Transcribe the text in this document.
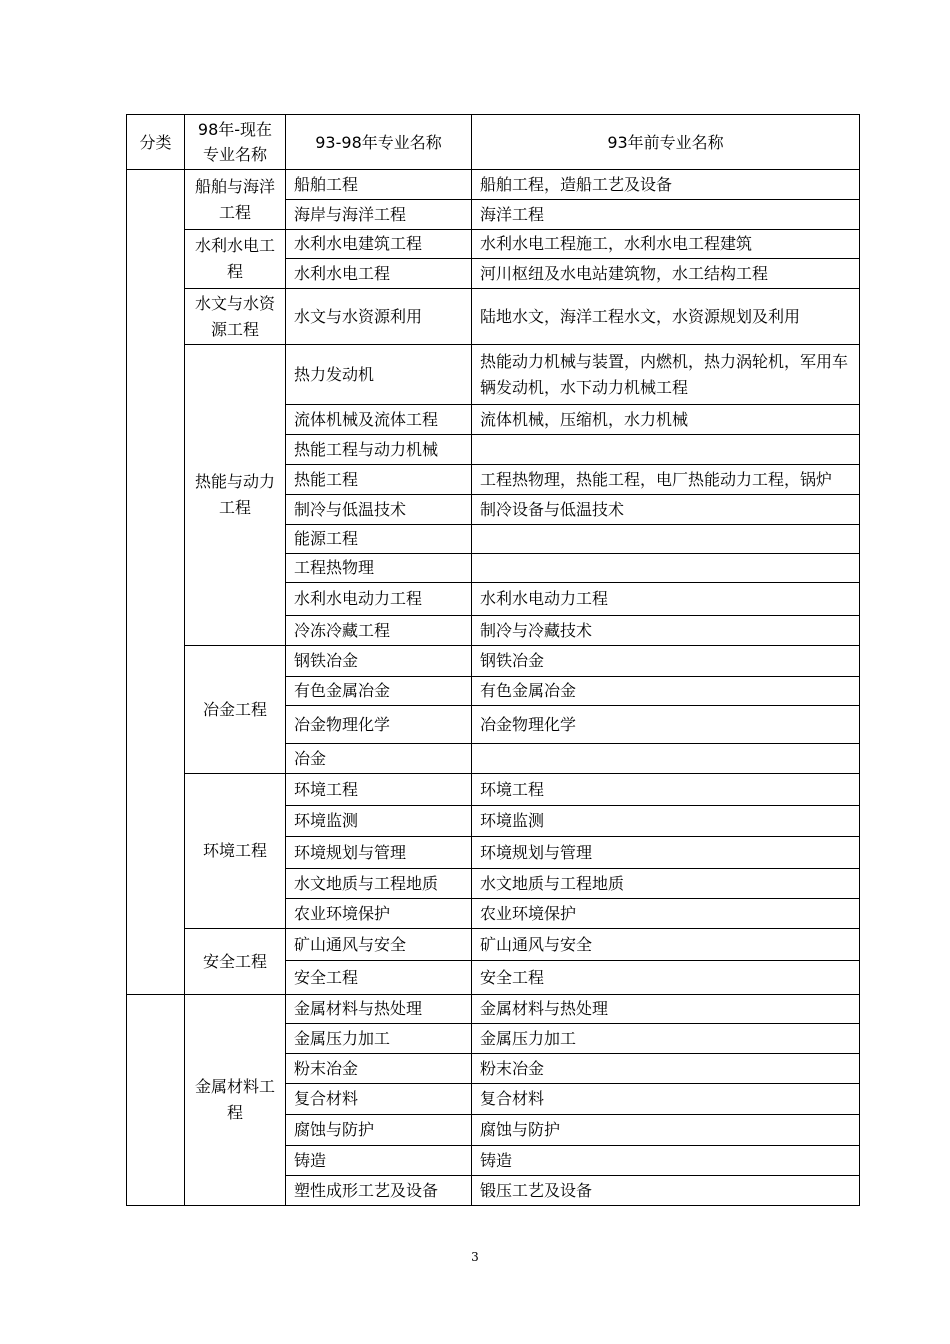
分类	98年-现在专业名称	93-98年专业名称	93年前专业名称
	船舶与海洋工程	船舶工程	船舶工程，造船工艺及设备
		海岸与海洋工程	海洋工程
	水利水电工程	水利水电建筑工程	水利水电工程施工，水利水电工程建筑
		水利水电工程	河川枢纽及水电站建筑物，水工结构工程
	水文与水资源工程	水文与水资源利用	陆地水文，海洋工程水文，水资源规划及利用
	热能与动力工程	热力发动机	热能动力机械与装置，内燃机，热力涡轮机，军用车辆发动机，水下动力机械工程
		流体机械及流体工程	流体机械，压缩机，水力机械
		热能工程与动力机械	
		热能工程	工程热物理，热能工程，电厂热能动力工程，锅炉
		制冷与低温技术	制冷设备与低温技术
		能源工程	
		工程热物理	
		水利水电动力工程	水利水电动力工程
		冷冻冷藏工程	制冷与冷藏技术
	冶金工程	钢铁冶金	钢铁冶金
		有色金属冶金	有色金属冶金
		冶金物理化学	冶金物理化学
		冶金	
	环境工程	环境工程	环境工程
		环境监测	环境监测
		环境规划与管理	环境规划与管理
		水文地质与工程地质	水文地质与工程地质
		农业环境保护	农业环境保护
	安全工程	矿山通风与安全	矿山通风与安全
		安全工程	安全工程
	金属材料工程	金属材料与热处理	金属材料与热处理
		金属压力加工	金属压力加工
		粉末冶金	粉末冶金
		复合材料	复合材料
		腐蚀与防护	腐蚀与防护
		铸造	铸造
		塑性成形工艺及设备	锻压工艺及设备
3
